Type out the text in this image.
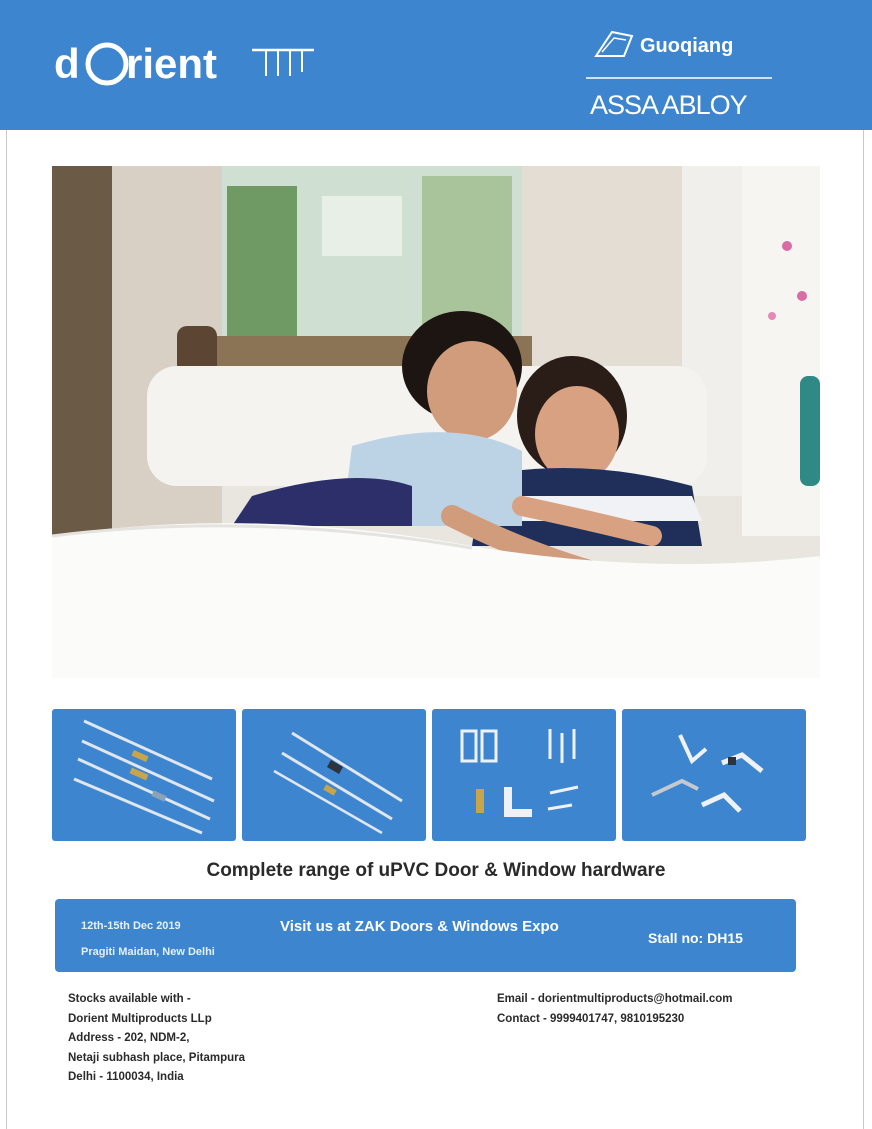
d rient	Guoqiang
ASSA ABLOY
Complete range of uPVC Door & Window hardware
12th-15th Dec 2019
Pragiti Maidan, New Delhi
Visit us at ZAK Doors & Windows Expo
Stall no: DH15
Stocks available with -
Dorient Multiproducts LLp
Address - 202, NDM-2,
Netaji subhash place, Pitampura
Delhi - 1100034, India
Email - dorientmultiproducts@hotmail.com
Contact - 9999401747, 9810195230
